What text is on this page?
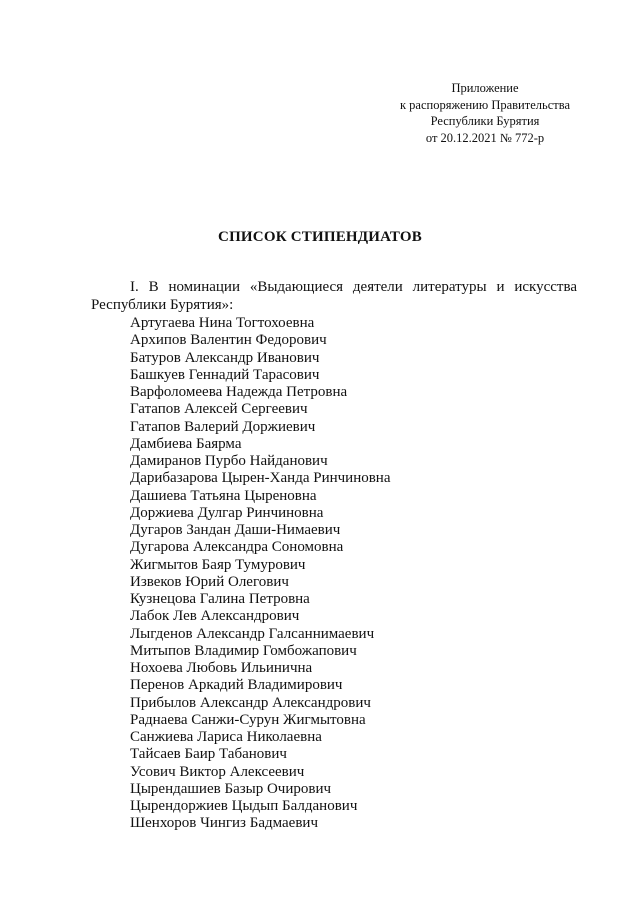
Приложение
к распоряжению Правительства
Республики Бурятия
от 20.12.2021 № 772-р
СПИСОК СТИПЕНДИАТОВ
I. В номинации «Выдающиеся деятели литературы и искусства Республики Бурятия»:
Артугаева Нина Тогтохоевна
Архипов Валентин Федорович
Батуров Александр Иванович
Башкуев Геннадий Тарасович
Варфоломеева Надежда Петровна
Гатапов Алексей Сергеевич
Гатапов Валерий Доржиевич
Дамбиева Баярма
Дамиранов Пурбо Найданович
Дарибазарова Цырен-Ханда Ринчиновна
Дашиева Татьяна Цыреновна
Доржиева Дулгар Ринчиновна
Дугаров Зандан Даши-Нимаевич
Дугарова Александра Сономовна
Жигмытов Баяр Тумурович
Извеков Юрий Олегович
Кузнецова Галина Петровна
Лабок Лев Александрович
Лыгденов Александр Галсаннимаевич
Митыпов Владимир Гомбожапович
Нохоева Любовь Ильинична
Перенов Аркадий Владимирович
Прибылов Александр Александрович
Раднаева Санжи-Сурун Жигмытовна
Санжиева Лариса Николаевна
Тайсаев Баир Табанович
Усович Виктор Алексеевич
Цырендашиев Базыр Очирович
Цырендоржиев Цыдып Балданович
Шенхоров Чингиз Бадмаевич
